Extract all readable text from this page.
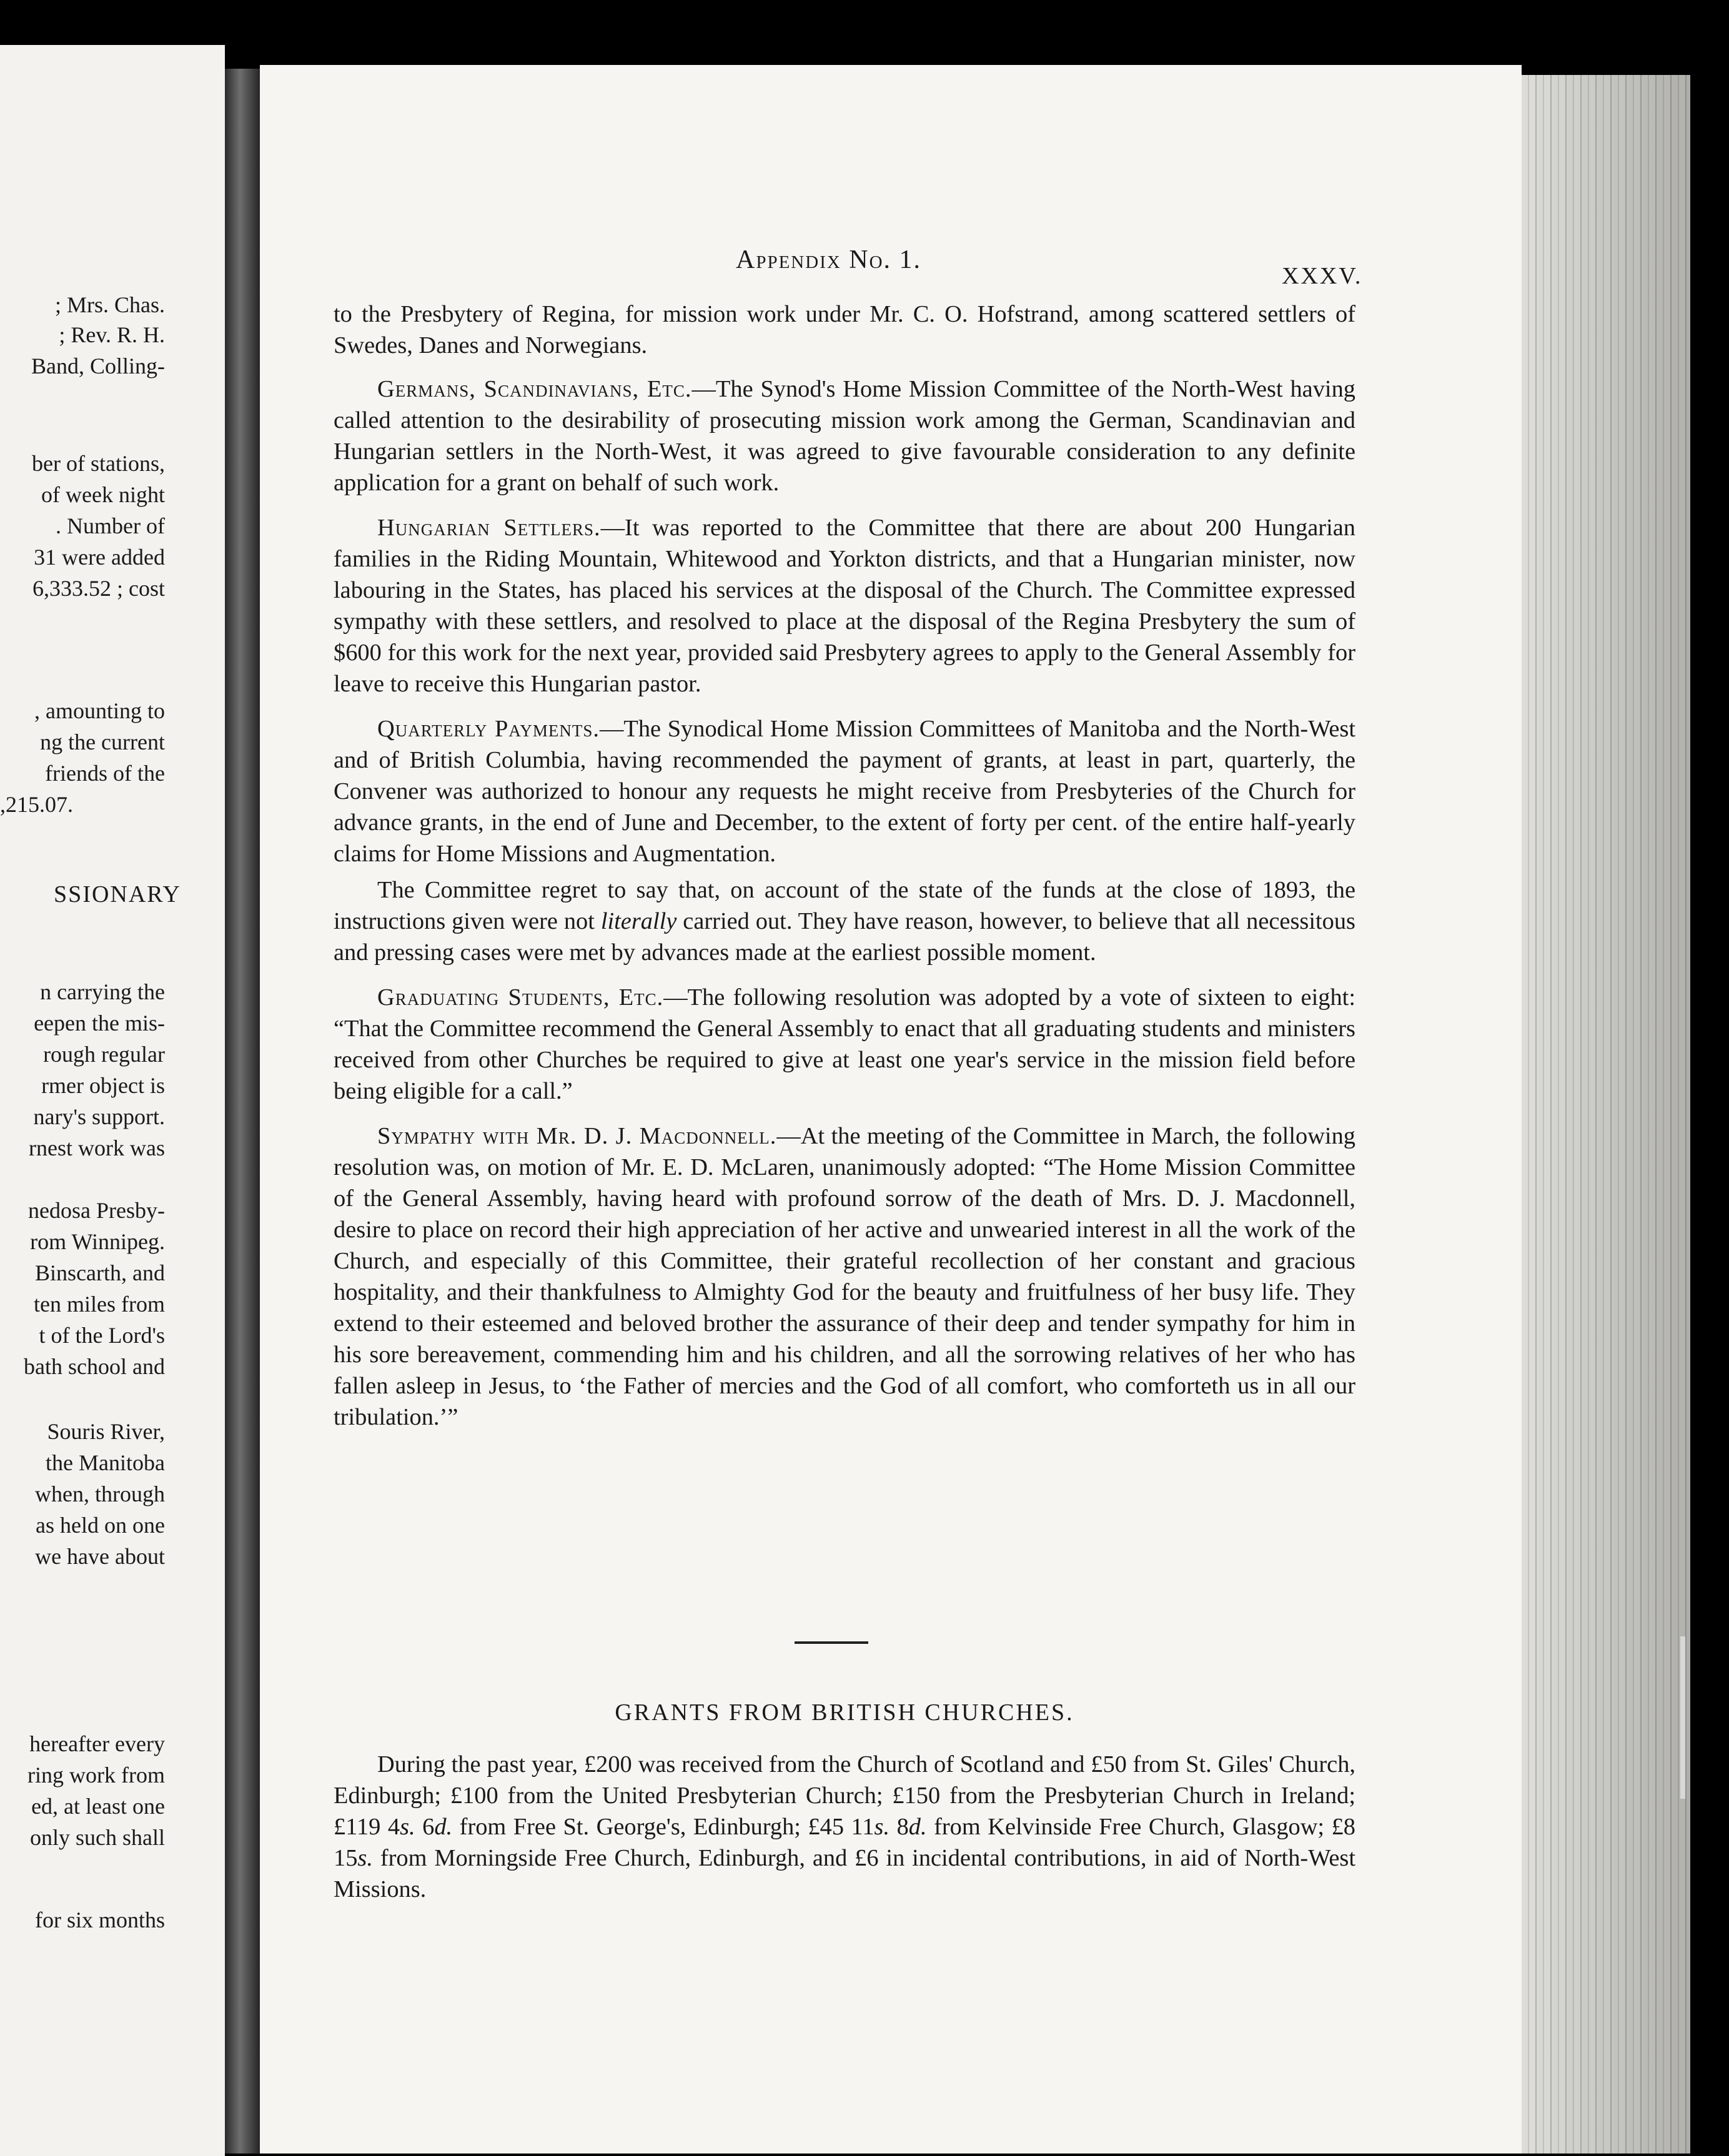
; Mrs. Chas.
; Rev. R. H.
Band, Colling-
ber of stations,
of week night
. Number of
31 were added
6,333.52 ; cost
, amounting to
ng the current
friends of the
,215.07.
SSIONARY
n carrying the
eepen the mis-
rough regular
rmer object is
nary's support.
rnest work was
nedosa Presby-
rom Winnipeg.
Binscarth, and
ten miles from
t of the Lord's
bath school and
Souris River,
the Manitoba
when, through
as held on one
we have about
hereafter every
ring work from
ed, at least one
only such shall
for six months
Appendix No. 1.
XXXV.

to the Presbytery of Regina, for mission work under Mr. C. O. Hofstrand, among scattered settlers of Swedes, Danes and Norwegians.

Germans, Scandinavians, Etc.—The Synod's Home Mission Committee of the North-West having called attention to the desirability of prosecuting mission work among the German, Scandinavian and Hungarian settlers in the North-West, it was agreed to give favourable consideration to any definite application for a grant on behalf of such work.

Hungarian Settlers.—It was reported to the Committee that there are about 200 Hungarian families in the Riding Mountain, Whitewood and Yorkton districts, and that a Hungarian minister, now labouring in the States, has placed his services at the disposal of the Church. The Committee expressed sympathy with these settlers, and resolved to place at the disposal of the Regina Presbytery the sum of $600 for this work for the next year, provided said Presbytery agrees to apply to the General Assembly for leave to receive this Hungarian pastor.

Quarterly Payments.—The Synodical Home Mission Committees of Manitoba and the North-West and of British Columbia, having recommended the payment of grants, at least in part, quarterly, the Convener was authorized to honour any requests he might receive from Presbyteries of the Church for advance grants, in the end of June and December, to the extent of forty per cent. of the entire half-yearly claims for Home Missions and Augmentation.

The Committee regret to say that, on account of the state of the funds at the close of 1893, the instructions given were not literally carried out. They have reason, however, to believe that all necessitous and pressing cases were met by advances made at the earliest possible moment.

Graduating Students, Etc.—The following resolution was adopted by a vote of sixteen to eight: “That the Committee recommend the General Assembly to enact that all graduating students and ministers received from other Churches be required to give at least one year's service in the mission field before being eligible for a call.”

Sympathy with Mr. D. J. Macdonnell.—At the meeting of the Committee in March, the following resolution was, on motion of Mr. E. D. McLaren, unanimously adopted: “The Home Mission Committee of the General Assembly, having heard with profound sorrow of the death of Mrs. D. J. Macdonnell, desire to place on record their high appreciation of her active and unwearied interest in all the work of the Church, and especially of this Committee, their grateful recollection of her constant and gracious hospitality, and their thankfulness to Almighty God for the beauty and fruitfulness of her busy life. They extend to their esteemed and beloved brother the assurance of their deep and tender sympathy for him in his sore bereavement, commending him and his children, and all the sorrowing relatives of her who has fallen asleep in Jesus, to ‘the Father of mercies and the God of all comfort, who comforteth us in all our tribulation.’”

GRANTS FROM BRITISH CHURCHES.

During the past year, £200 was received from the Church of Scotland and £50 from St. Giles' Church, Edinburgh; £100 from the United Presbyterian Church; £150 from the Presbyterian Church in Ireland; £119 4s. 6d. from Free St. George's, Edinburgh; £45 11s. 8d. from Kelvinside Free Church, Glasgow; £8 15s. from Morningside Free Church, Edinburgh, and £6 in incidental contributions, in aid of North-West Missions.
